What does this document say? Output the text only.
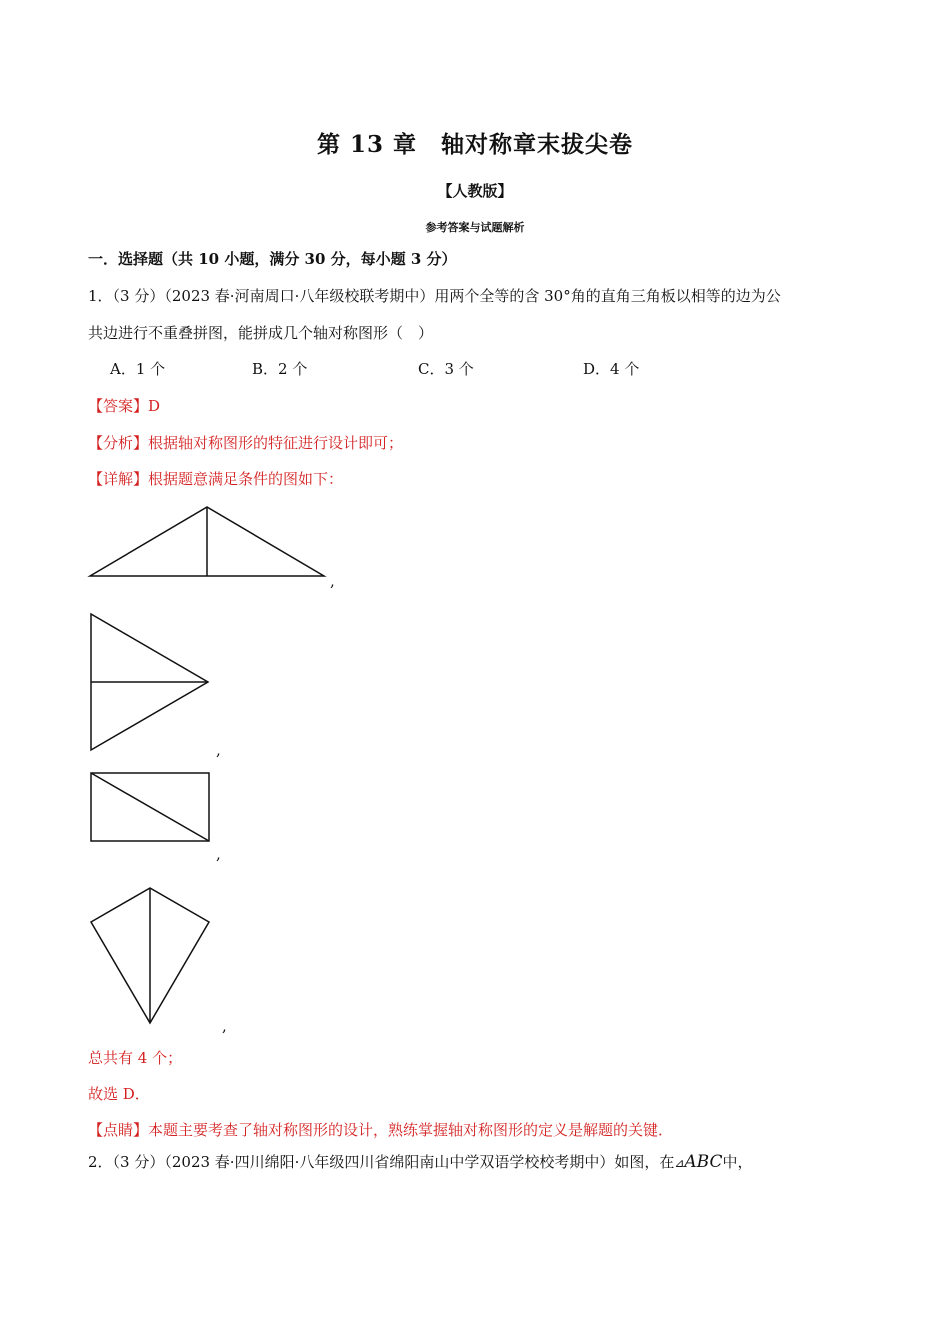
第 13 章　轴对称章末拔尖卷
【人教版】
参考答案与试题解析
一．选择题（共 10 小题，满分 30 分，每小题 3 分）
1．（3 分）（2023 春·河南周口·八年级校联考期中）用两个全等的含 30°角的直角三角板以相等的边为公
共边进行不重叠拼图，能拼成几个轴对称图形（　）
A．1 个	B．2 个	C．3 个	D．4 个
【答案】D
【分析】根据轴对称图形的特征进行设计即可；
【详解】根据题意满足条件的图如下：
,
,
,
,
总共有 4 个；
故选 D．
【点睛】本题主要考查了轴对称图形的设计，熟练掌握轴对称图形的定义是解题的关键．
2．（3 分）（2023 春·四川绵阳·八年级四川省绵阳南山中学双语学校校考期中）如图，在⊿ABC中，
